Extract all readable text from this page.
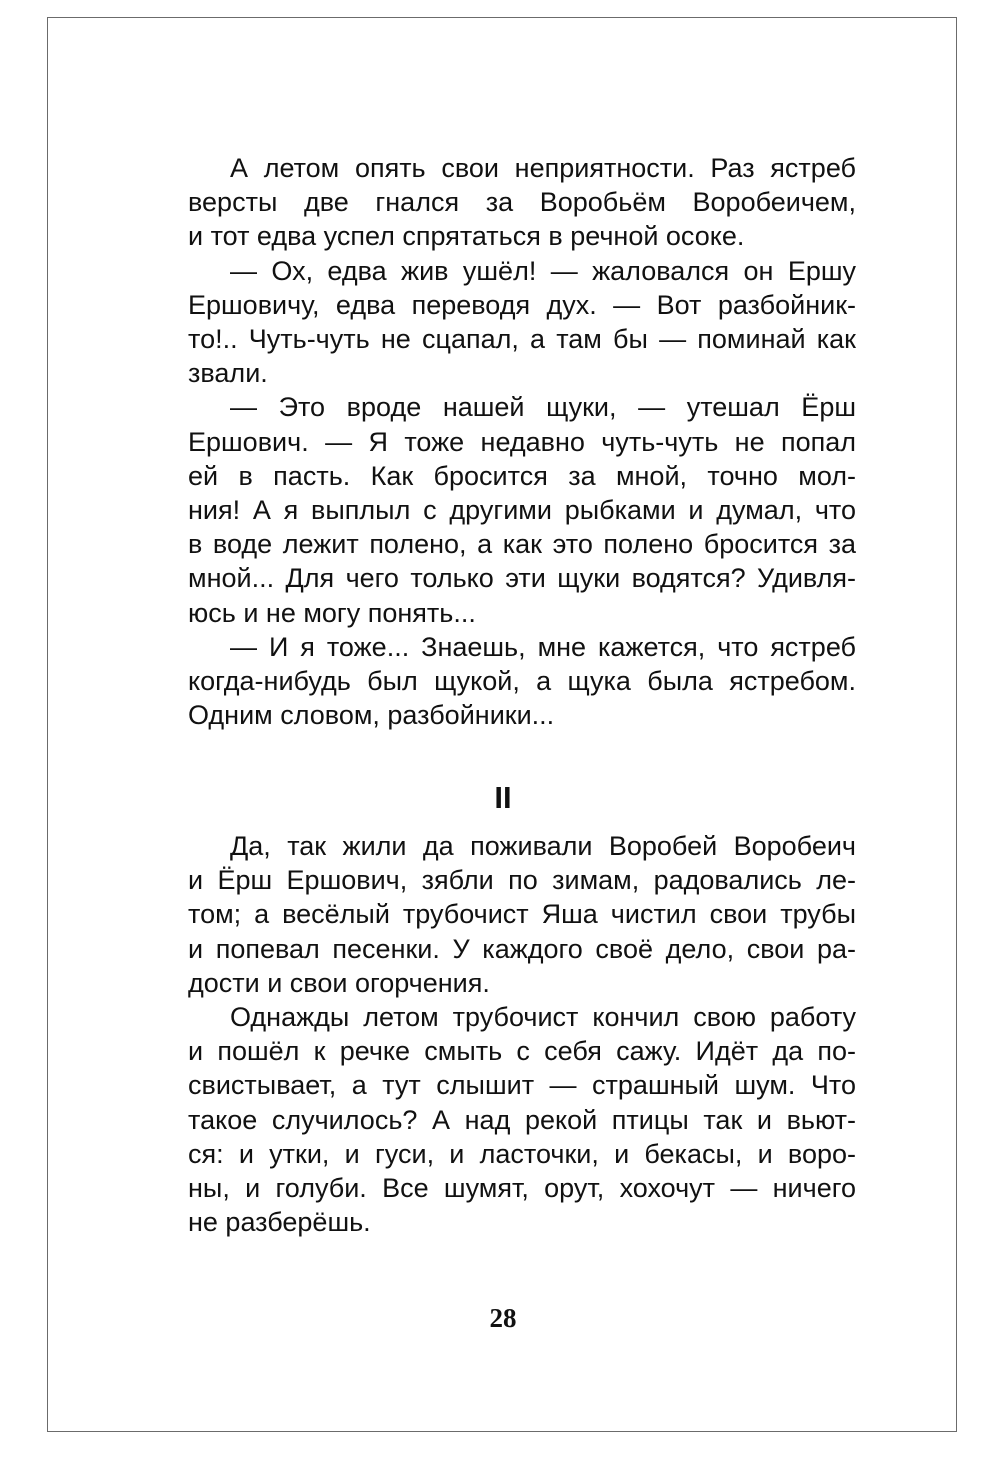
А летом опять свои неприятности. Раз ястреб
версты две гнался за Воробьём Воробеичем,
и тот едва успел спрятаться в речной осоке.
— Ох, едва жив ушёл! — жаловался он Ершу
Ершовичу, едва переводя дух. — Вот разбойник-
то!.. Чуть-чуть не сцапал, а там бы — поминай как
звали.
— Это вроде нашей щуки, — утешал Ёрш
Ершович. — Я тоже недавно чуть-чуть не попал
ей в пасть. Как бросится за мной, точно мол-
ния! А я выплыл с другими рыбками и думал, что
в воде лежит полено, а как это полено бросится за
мной... Для чего только эти щуки водятся? Удивля-
юсь и не могу понять...
— И я тоже... Знаешь, мне кажется, что ястреб
когда-нибудь был щукой, а щука была ястребом.
Одним словом, разбойники...
II
Да, так жили да поживали Воробей Воробеич
и Ёрш Ершович, зябли по зимам, радовались ле-
том; а весёлый трубочист Яша чистил свои трубы
и попевал песенки. У каждого своё дело, свои ра-
дости и свои огорчения.
Однажды летом трубочист кончил свою работу
и пошёл к речке смыть с себя сажу. Идёт да по-
свистывает, а тут слышит — страшный шум. Что
такое случилось? А над рекой птицы так и вьют-
ся: и утки, и гуси, и ласточки, и бекасы, и воро-
ны, и голуби. Все шумят, орут, хохочут — ничего
не разберёшь.
28
